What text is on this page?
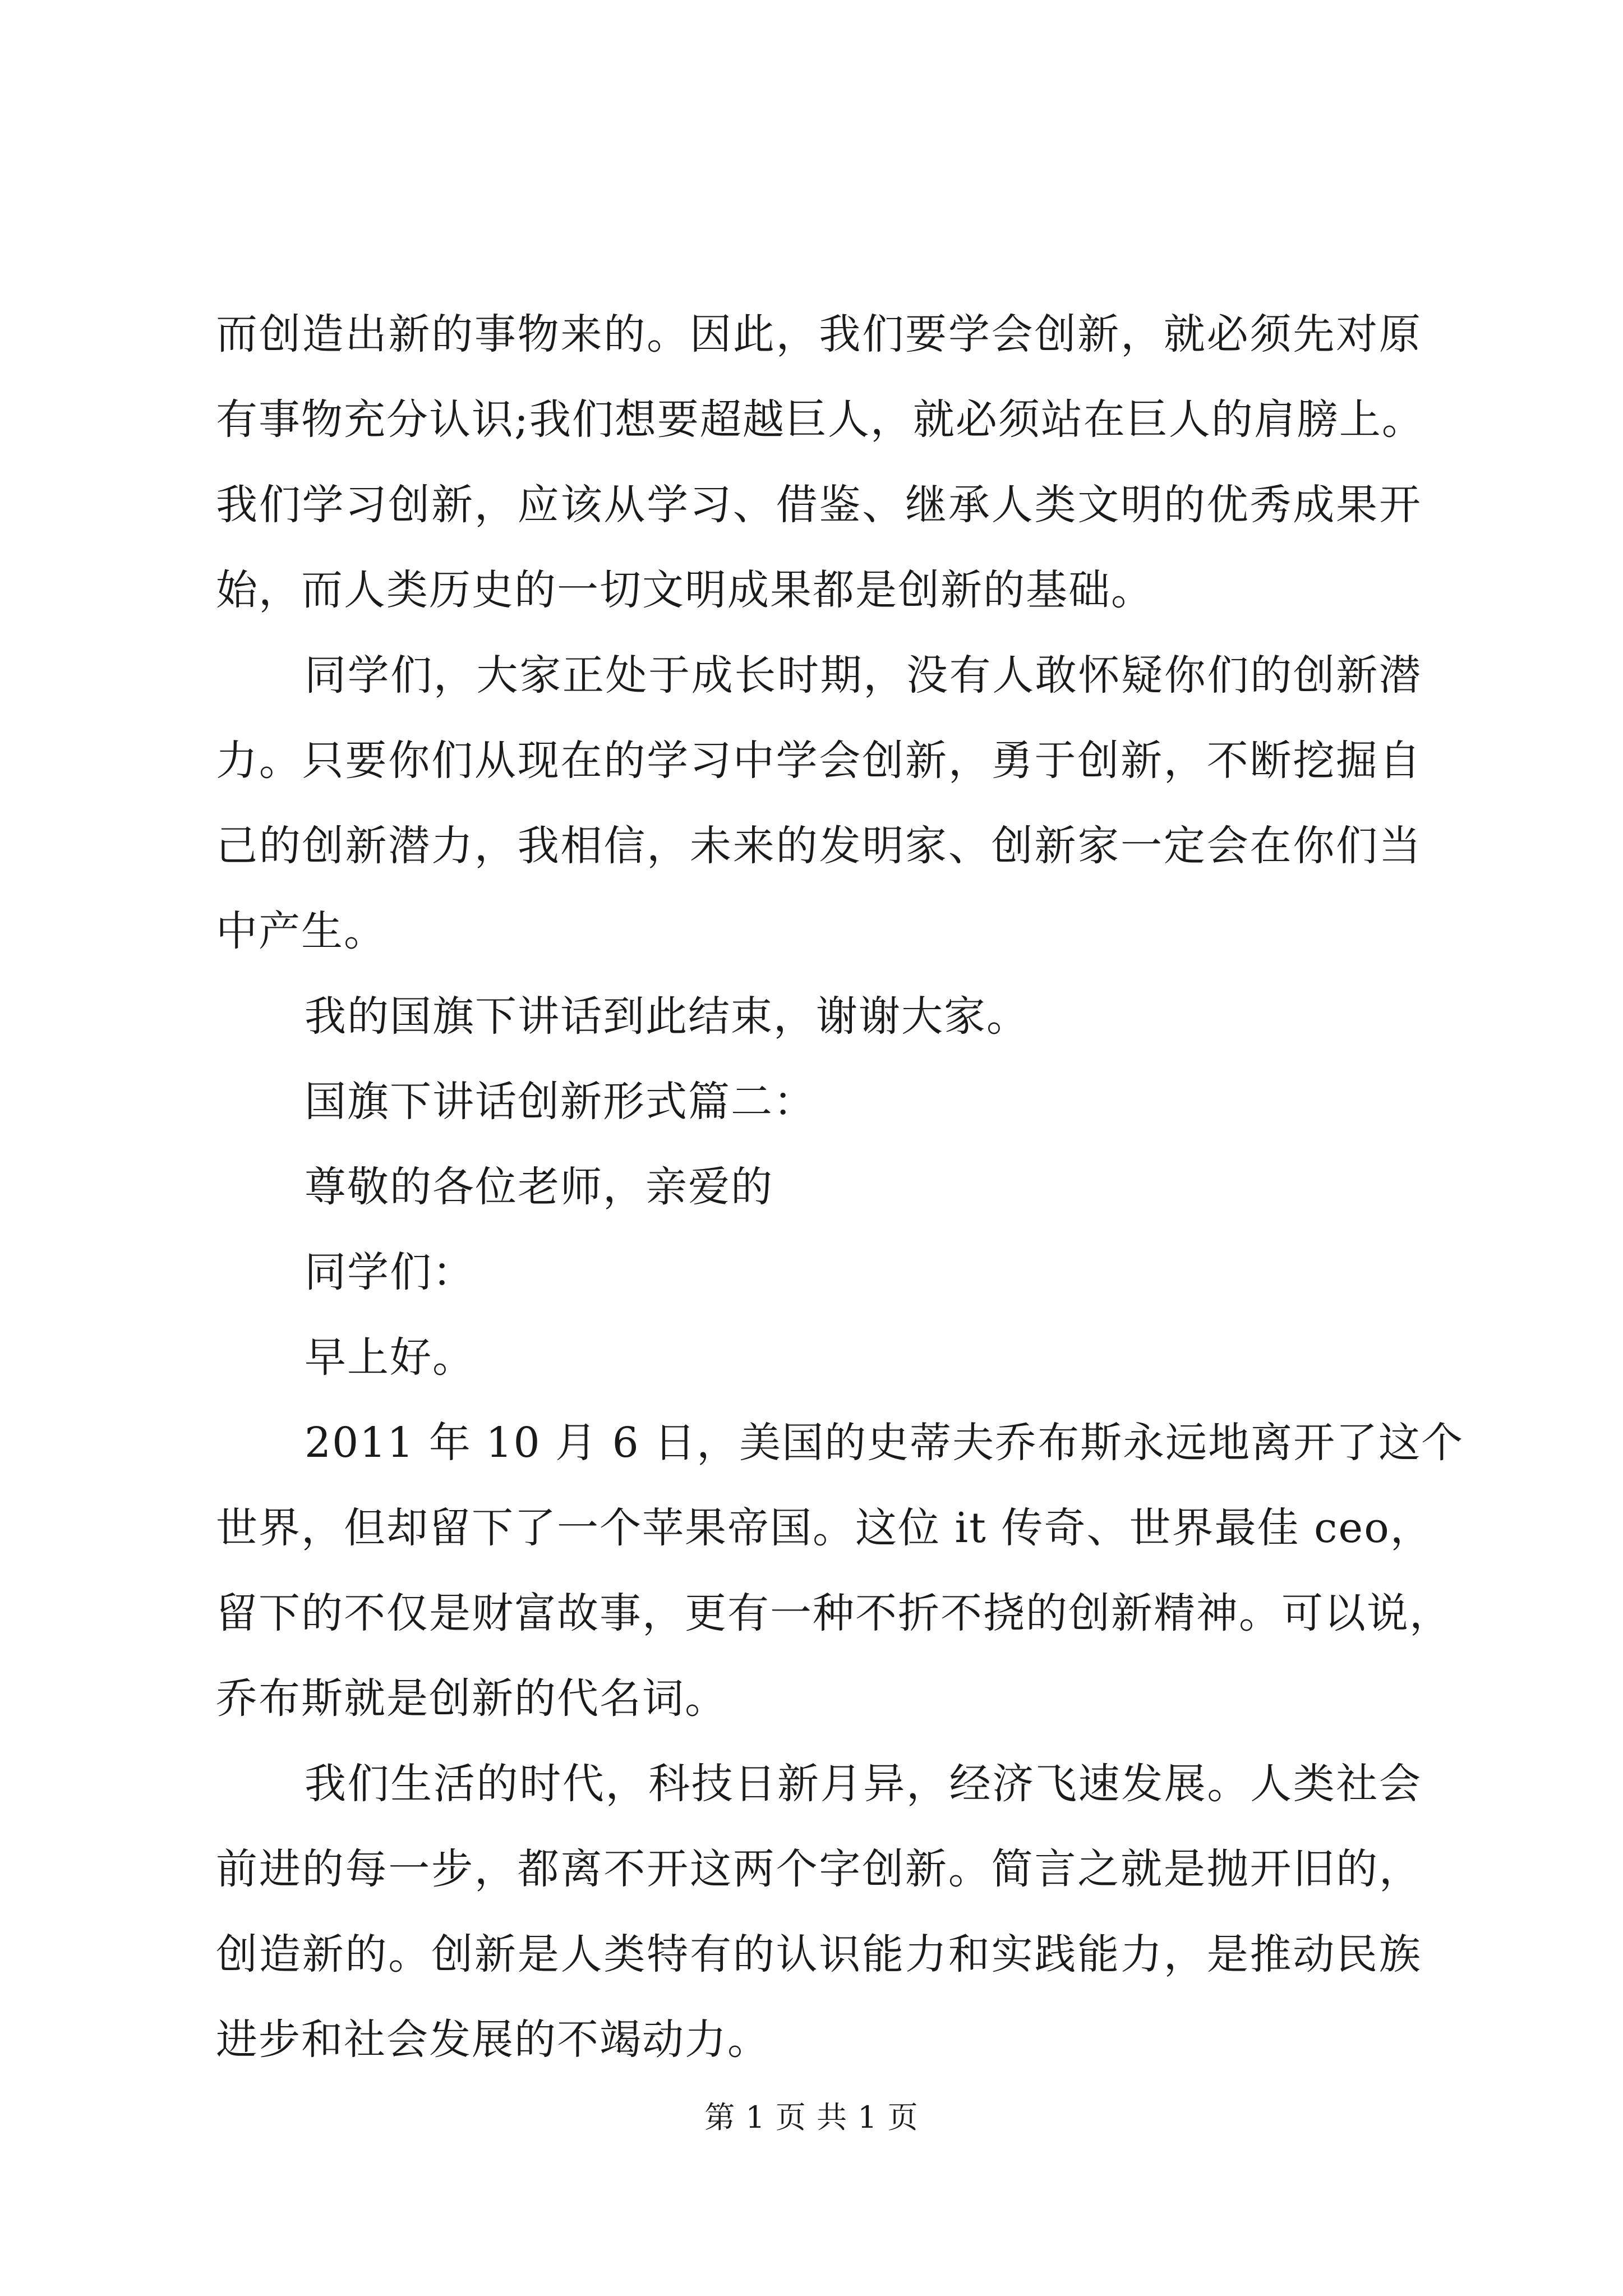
而创造出新的事物来的。因此，我们要学会创新，就必须先对原
有事物充分认识;我们想要超越巨人，就必须站在巨人的肩膀上。
我们学习创新，应该从学习、借鉴、继承人类文明的优秀成果开
始，而人类历史的一切文明成果都是创新的基础。
同学们，大家正处于成长时期，没有人敢怀疑你们的创新潜
力。只要你们从现在的学习中学会创新，勇于创新，不断挖掘自
己的创新潜力，我相信，未来的发明家、创新家一定会在你们当
中产生。
我的国旗下讲话到此结束，谢谢大家。
国旗下讲话创新形式篇二：
尊敬的各位老师，亲爱的
同学们：
早上好。
2011 年 10 月 6 日，美国的史蒂夫乔布斯永远地离开了这个
世界，但却留下了一个苹果帝国。这位 it 传奇、世界最佳 ceo，
留下的不仅是财富故事，更有一种不折不挠的创新精神。可以说，
乔布斯就是创新的代名词。
我们生活的时代，科技日新月异，经济飞速发展。人类社会
前进的每一步，都离不开这两个字创新。简言之就是抛开旧的，
创造新的。创新是人类特有的认识能力和实践能力，是推动民族
进步和社会发展的不竭动力。
第 1 页 共 1 页
